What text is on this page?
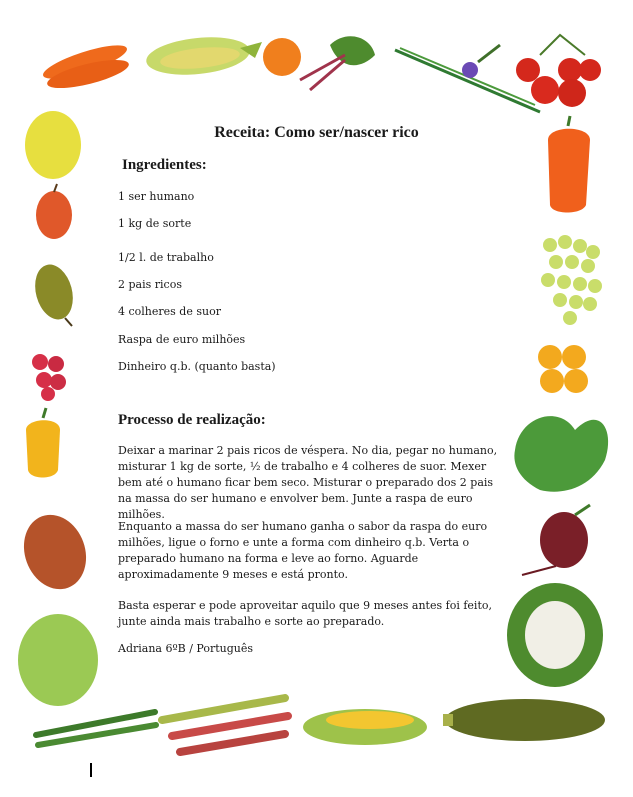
Receita: Como ser/nascer rico
Ingredientes:
1 ser humano
1 kg de sorte
1/2 l. de trabalho
2 pais ricos
4 colheres de suor
Raspa de euro milhões
Dinheiro q.b. (quanto basta)
Processo de realização:

Deixar a marinar 2 pais ricos de véspera. No dia, pegar no humano, misturar 1 kg de sorte, ½ de trabalho e 4 colheres de suor. Mexer bem até o humano ficar bem seco. Misturar o preparado dos 2 pais na massa do ser humano e envolver bem. Junte a raspa de euro milhões.

Enquanto a massa do ser humano ganha o sabor da raspa do euro milhões, ligue o forno e unte a forma com dinheiro q.b. Verta o preparado humano na forma e leve ao forno. Aguarde aproximadamente 9 meses e está pronto.

Basta esperar e pode aproveitar aquilo que 9 meses antes foi feito, junte ainda mais trabalho e sorte ao preparado.

Adriana 6ºB / Português
